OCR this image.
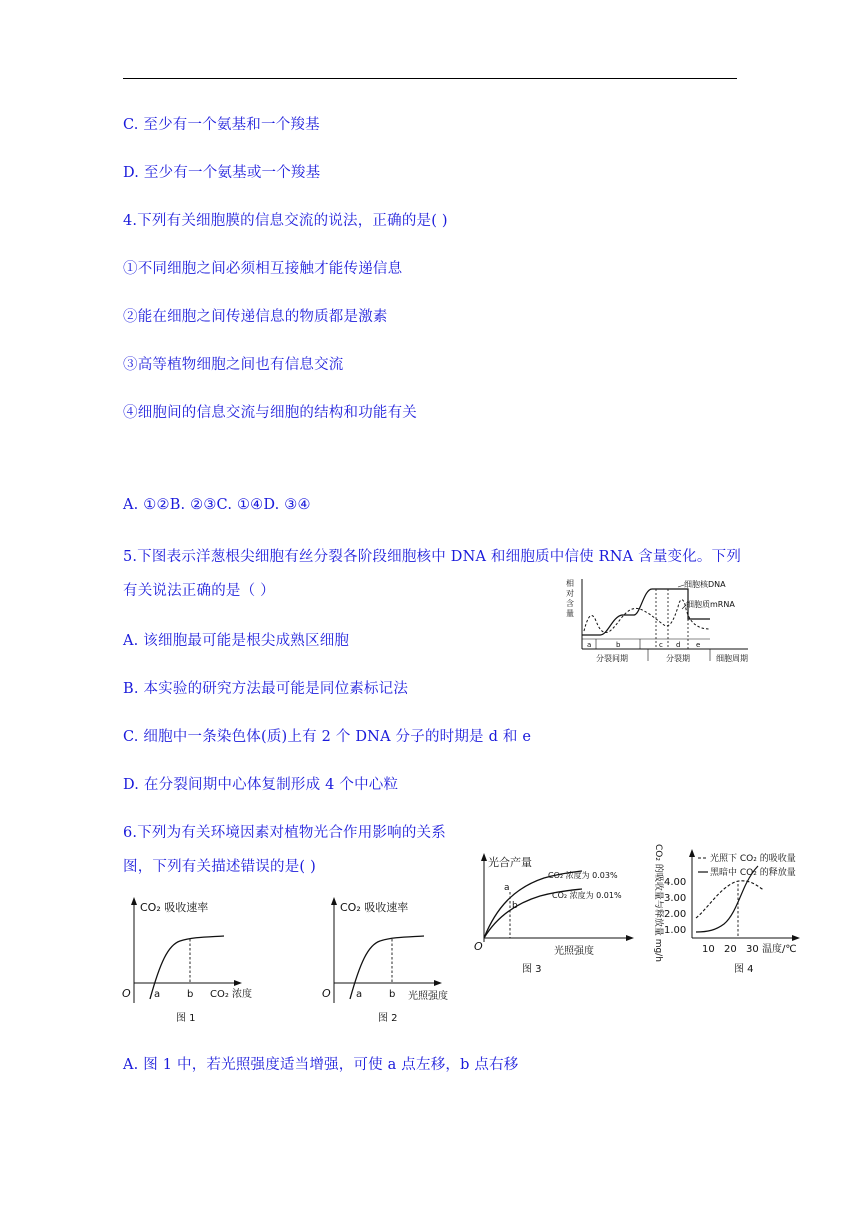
C. 至少有一个氨基和一个羧基
D. 至少有一个氨基或一个羧基
4.下列有关细胞膜的信息交流的说法，正确的是( )
①不同细胞之间必须相互接触才能传递信息
②能在细胞之间传递信息的物质都是激素
③高等植物细胞之间也有信息交流
④细胞间的信息交流与细胞的结构和功能有关
A. ①②B. ②③C. ①④D. ③④
5.下图表示洋葱根尖细胞有丝分裂各阶段细胞核中 DNA 和细胞质中信使 RNA 含量变化。下列
有关说法正确的是（ ）
A. 该细胞最可能是根尖成熟区细胞
B. 本实验的研究方法最可能是同位素标记法
C. 细胞中一条染色体(质)上有 2 个 DNA 分子的时期是 d 和 e
D. 在分裂间期中心体复制形成 4 个中心粒
6.下列为有关环境因素对植物光合作用影响的关系
图，下列有关描述错误的是( )
A. 图 1 中，若光照强度适当增强，可使 a 点左移，b 点右移
相
对
含
量
a	b	c d e
分裂间期	分裂期	细胞周期
细胞核DNA
细胞质mRNA
CO₂ 吸收速率
O a	b CO₂ 浓度
图 1
CO₂ 吸收速率
O	a	b 光照强度
图 2
光合产量
a
b
CO₂ 浓度为 0.03%
CO₂ 浓度为 0.01%
O	光照强度
图 3
CO₂ 的吸收量与释放量 mg/h 4.00
3.00
2.00
1.00
10 20 30 温度/℃
光照下 CO₂ 的吸收量
黑暗中 CO₂ 的释放量
图 4
